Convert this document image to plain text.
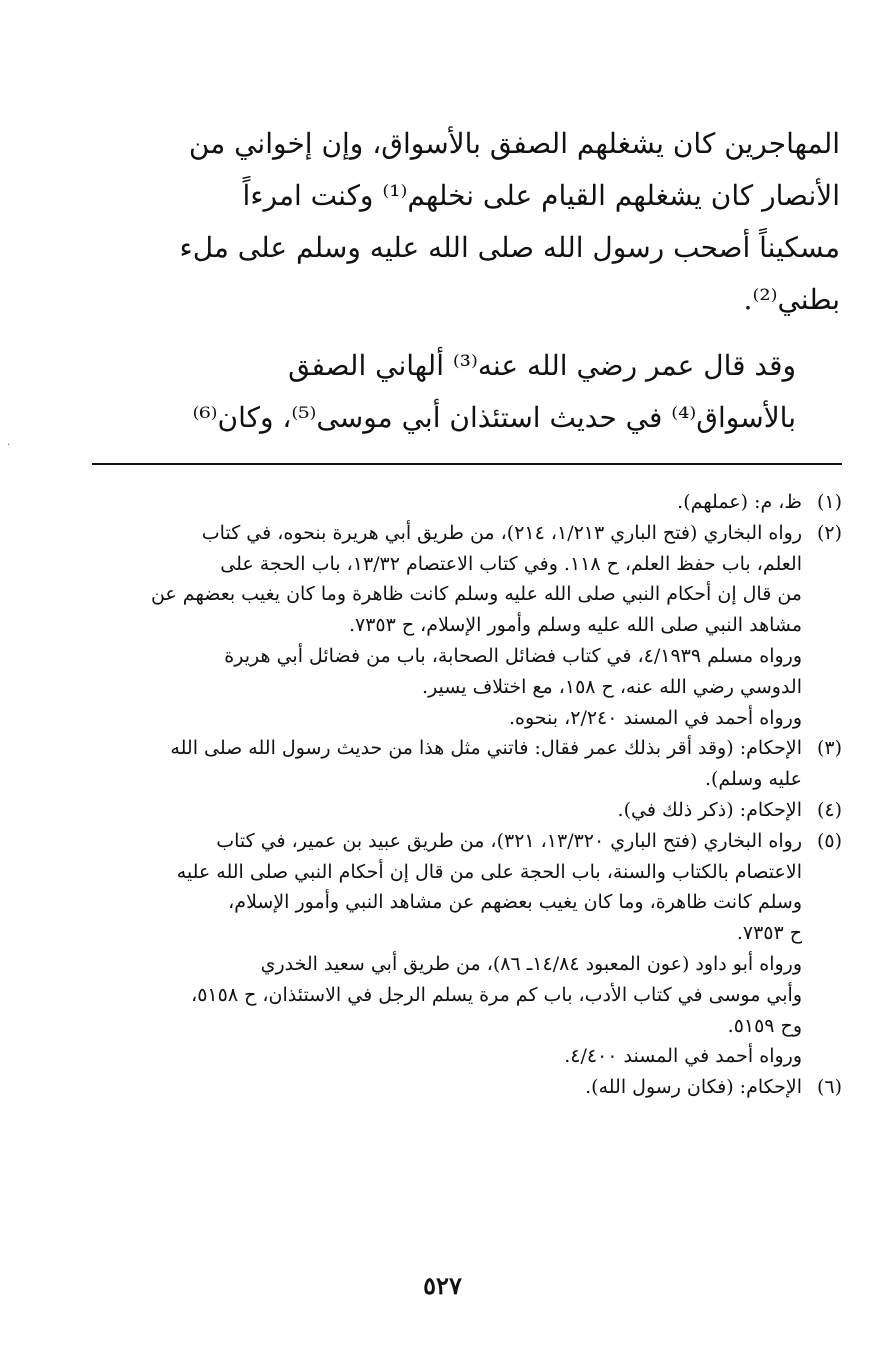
المهاجرين كان يشغلهم الصفق بالأسواق، وإن إخواني من
الأنصار كان يشغلهم القيام على نخلهم⁽¹⁾ وكنت امرءاً
مسكيناً أصحب رسول الله صلى الله عليه وسلم على ملء
بطني⁽²⁾.

وقد قال عمر رضي الله عنه⁽³⁾ ألهاني الصفق
بالأسواق⁽⁴⁾ في حديث استئذان أبي موسى⁽⁵⁾، وكان⁽⁶⁾

(١)
ظ، م: (عملهم).
(٢)
رواه البخاري (فتح الباري ١/٢١٣، ٢١٤)، من طريق أبي هريرة بنحوه، في كتاب
العلم، باب حفظ العلم، ح ١١٨. وفي كتاب الاعتصام ١٣/٣٢، باب الحجة على
من قال إن أحكام النبي صلى الله عليه وسلم كانت ظاهرة وما كان يغيب بعضهم عن
مشاهد النبي صلى الله عليه وسلم وأمور الإسلام، ح ٧٣٥٣.
ورواه مسلم ٤/١٩٣٩، في كتاب فضائل الصحابة، باب من فضائل أبي هريرة
الدوسي رضي الله عنه، ح ١٥٨، مع اختلاف يسير.
ورواه أحمد في المسند ٢/٢٤٠، بنحوه.
(٣)
الإحكام: (وقد أقر بذلك عمر فقال: فاتني مثل هذا من حديث رسول الله صلى الله
عليه وسلم).
(٤)
الإحكام: (ذكر ذلك في).
(٥)
رواه البخاري (فتح الباري ١٣/٣٢٠، ٣٢١)، من طريق عبيد بن عمير، في كتاب
الاعتصام بالكتاب والسنة، باب الحجة على من قال إن أحكام النبي صلى الله عليه
وسلم كانت ظاهرة، وما كان يغيب بعضهم عن مشاهد النبي وأمور الإسلام،
ح ٧٣٥٣.
ورواه أبو داود (عون المعبود ١٤/٨٤ـ ٨٦)، من طريق أبي سعيد الخدري
وأبي موسى في كتاب الأدب، باب كم مرة يسلم الرجل في الاستئذان، ح ٥١٥٨،
وح ٥١٥٩.
ورواه أحمد في المسند ٤/٤٠٠.
(٦)
الإحكام: (فكان رسول الله).
٥٢٧
.
